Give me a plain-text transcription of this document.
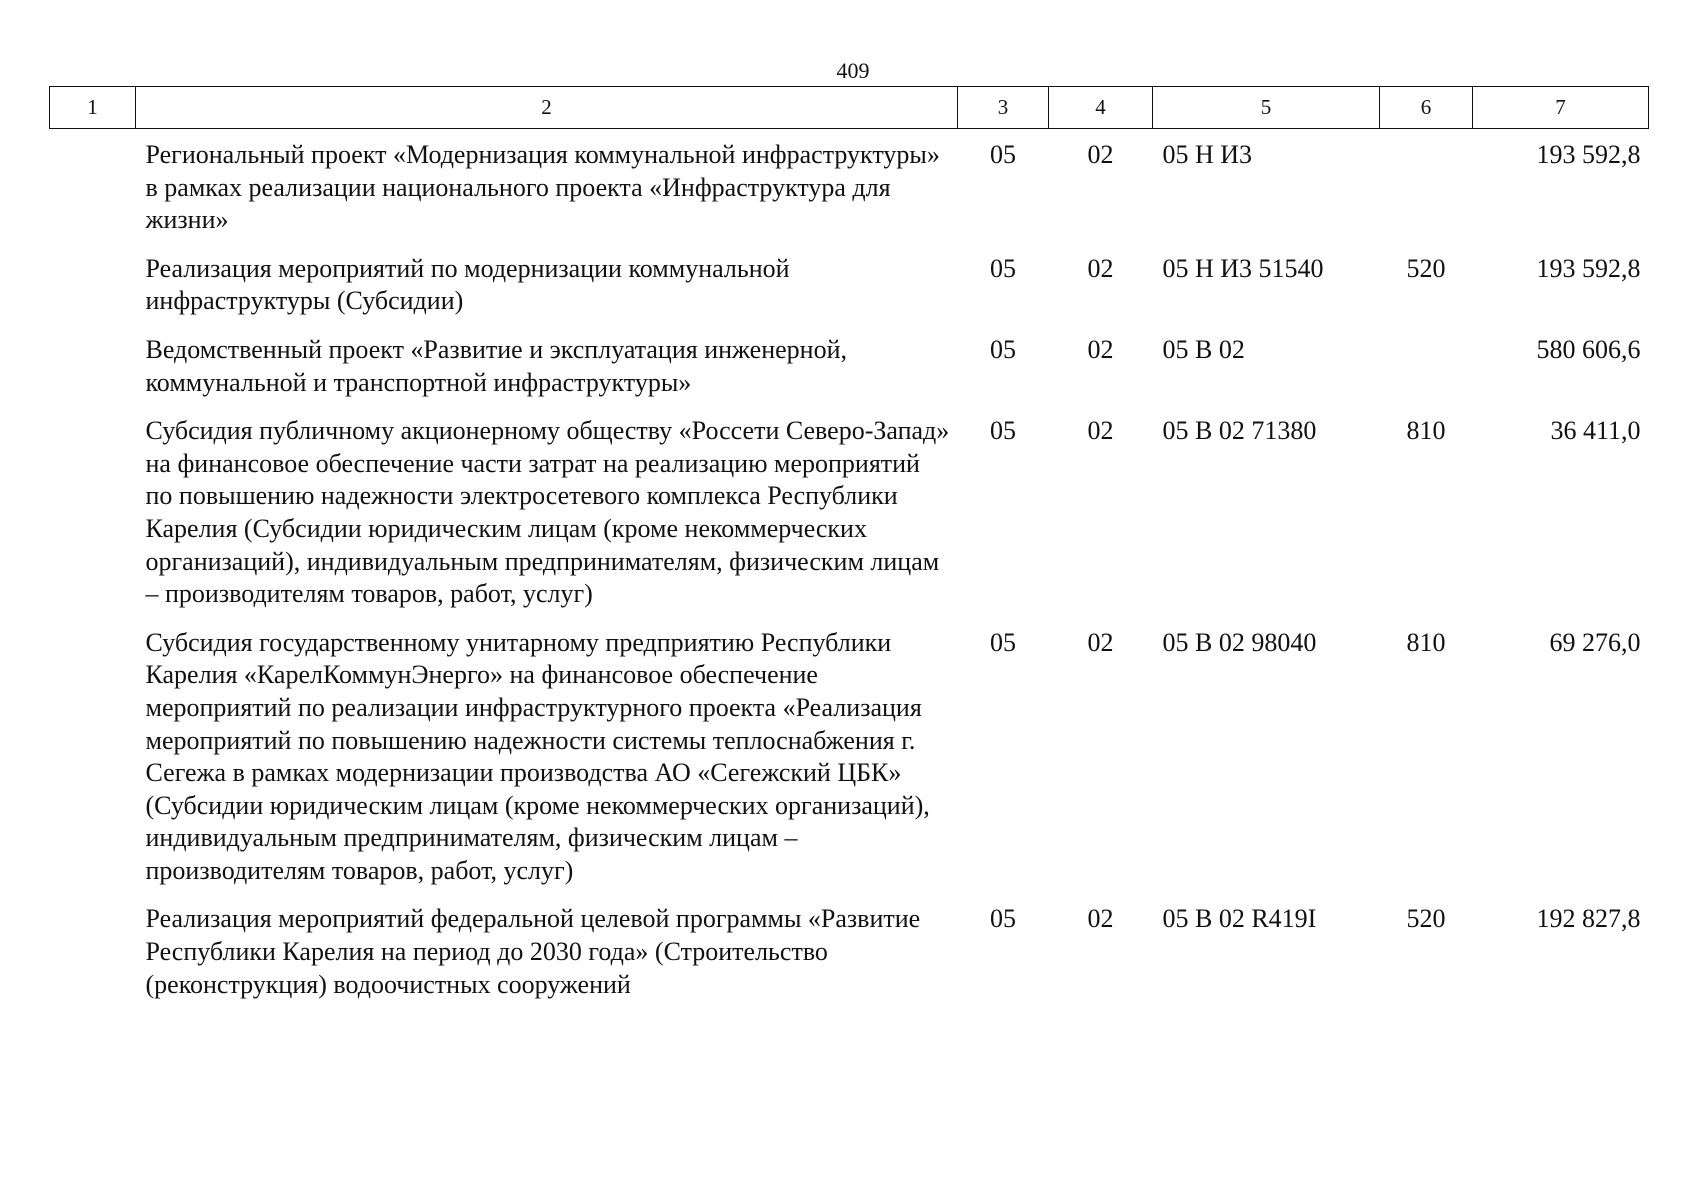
409
1	2	3	4	5	6	7
	Региональный проект «Модернизация коммунальной инфраструктуры» в рамках реализации национального проекта «Инфраструктура для жизни»	05	02	05 Н И3		193 592,8
	Реализация мероприятий по модернизации коммунальной инфраструктуры (Субсидии)	05	02	05 Н И3 51540	520	193 592,8
	Ведомственный проект «Развитие и эксплуатация инженерной, коммунальной и транспортной инфраструктуры»	05	02	05 В 02		580 606,6
	Субсидия публичному акционерному обществу «Россети Северо-Запад» на финансовое обеспечение части затрат на реализацию мероприятий по повышению надежности электросетевого комплекса Республики Карелия (Субсидии юридическим лицам (кроме некоммерческих организаций), индивидуальным предпринимателям, физическим лицам – производителям товаров, работ, услуг)	05	02	05 В 02 71380	810	36 411,0
	Субсидия государственному унитарному предприятию Республики Карелия «КарелКоммунЭнерго» на финансовое обеспечение мероприятий по реализации инфраструктурного проекта «Реализация мероприятий по повышению надежности системы теплоснабжения г. Сегежа в рамках модернизации производства АО «Сегежский ЦБК» (Субсидии юридическим лицам (кроме некоммерческих организаций), индивидуальным предпринимателям, физическим лицам – производителям товаров, работ, услуг)	05	02	05 В 02 98040	810	69 276,0
	Реализация мероприятий федеральной целевой программы «Развитие Республики Карелия на период до 2030 года» (Строительство (реконструкция) водоочистных сооружений	05	02	05 В 02 R419I	520	192 827,8
